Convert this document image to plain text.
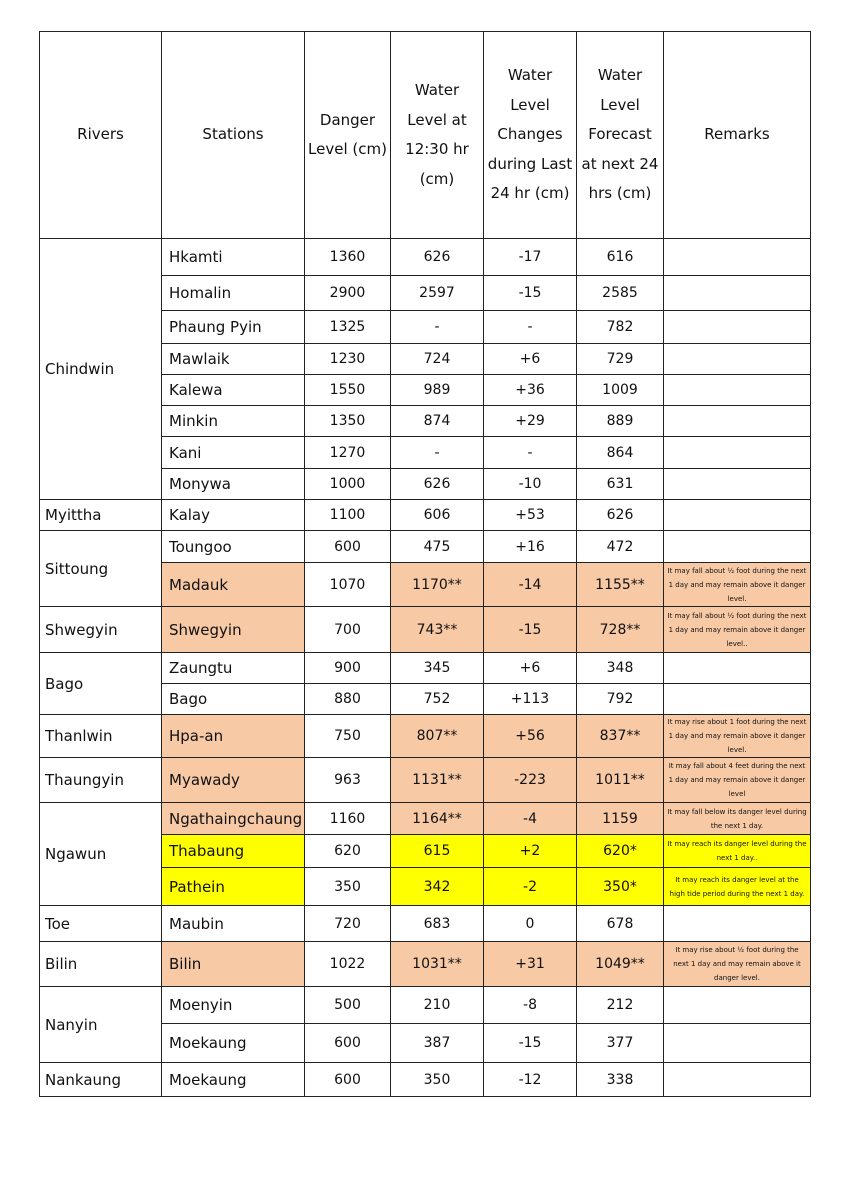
Rivers	Stations	Danger Level (cm)	Water Level at 12:30 hr (cm)	Water Level Changes during Last 24 hr (cm)	Water Level Forecast at next 24 hrs (cm)	Remarks
Chindwin	Hkamti	1360	626	-17	616	
	Homalin	2900	2597	-15	2585	
	Phaung Pyin	1325	-	-	782	
	Mawlaik	1230	724	+6	729	
	Kalewa	1550	989	+36	1009	
	Minkin	1350	874	+29	889	
	Kani	1270	-	-	864	
	Monywa	1000	626	-10	631	
Myittha	Kalay	1100	606	+53	626	
Sittoung	Toungoo	600	475	+16	472	
	Madauk	1070	1170**	-14	1155**	It may fall about ½ foot during the next 1 day and may remain above it danger level.
Shwegyin	Shwegyin	700	743**	-15	728**	It may fall about ½ foot during the next 1 day and may remain above it danger level..
Bago	Zaungtu	900	345	+6	348	
	Bago	880	752	+113	792	
Thanlwin	Hpa-an	750	807**	+56	837**	It may rise about 1 foot during the next 1 day and may remain above it danger level.
Thaungyin	Myawady	963	1131**	-223	1011**	It may fall about 4 feet during the next 1 day and may remain above it danger level
Ngawun	Ngathaingchaung	1160	1164**	-4	1159	It may fall below its danger level during the next 1 day.
	Thabaung	620	615	+2	620*	It may reach its danger level during the next 1 day..
	Pathein	350	342	-2	350*	It may reach its danger level at the high tide period during the next 1 day.
Toe	Maubin	720	683	0	678	
Bilin	Bilin	1022	1031**	+31	1049**	It may rise about ½ foot during the next 1 day and may remain above it danger level.
Nanyin	Moenyin	500	210	-8	212	
	Moekaung	600	387	-15	377	
Nankaung	Moekaung	600	350	-12	338	
